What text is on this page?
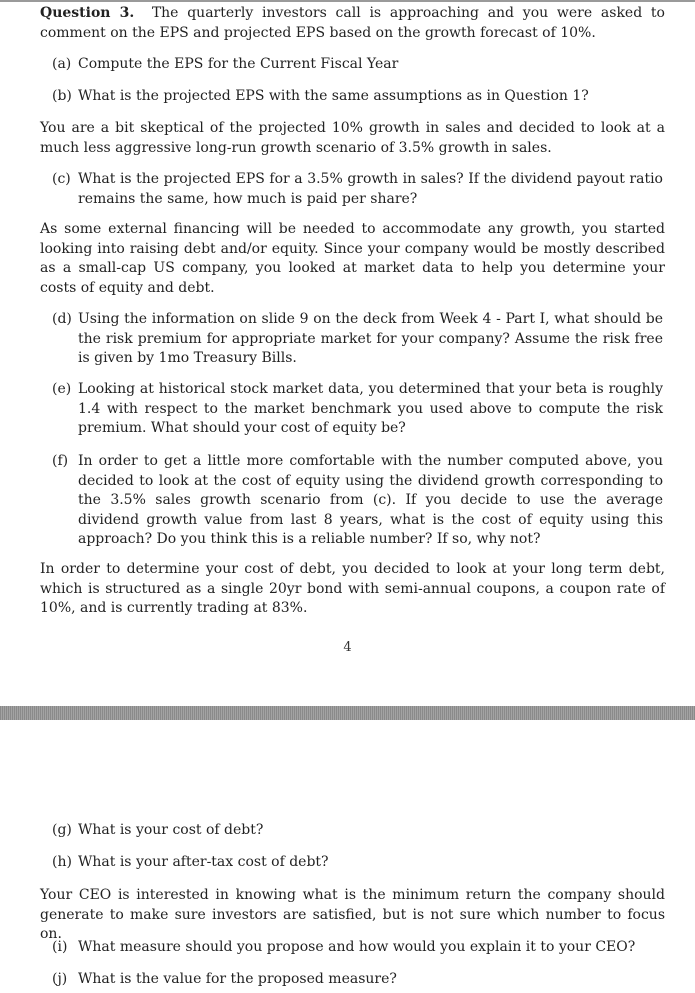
Question 3. The quarterly investors call is approaching and you were asked to comment on the EPS and projected EPS based on the growth forecast of 10%.

(a) Compute the EPS for the Current Fiscal Year

(b) What is the projected EPS with the same assumptions as in Question 1?

You are a bit skeptical of the projected 10% growth in sales and decided to look at a much less aggressive long-run growth scenario of 3.5% growth in sales.

(c) What is the projected EPS for a 3.5% growth in sales? If the dividend payout ratio remains the same, how much is paid per share?

As some external financing will be needed to accommodate any growth, you started looking into raising debt and/or equity. Since your company would be mostly described as a small-cap US company, you looked at market data to help you determine your costs of equity and debt.

(d) Using the information on slide 9 on the deck from Week 4 - Part I, what should be the risk premium for appropriate market for your company? Assume the risk free is given by 1mo Treasury Bills.

(e) Looking at historical stock market data, you determined that your beta is roughly 1.4 with respect to the market benchmark you used above to compute the risk premium. What should your cost of equity be?

(f) In order to get a little more comfortable with the number computed above, you decided to look at the cost of equity using the dividend growth corresponding to the 3.5% sales growth scenario from (c). If you decide to use the average dividend growth value from last 8 years, what is the cost of equity using this approach? Do you think this is a reliable number? If so, why not?

In order to determine your cost of debt, you decided to look at your long term debt, which is structured as a single 20yr bond with semi-annual coupons, a coupon rate of 10%, and is currently trading at 83%.

4

(g) What is your cost of debt?

(h) What is your after-tax cost of debt?

Your CEO is interested in knowing what is the minimum return the company should generate to make sure investors are satisfied, but is not sure which number to focus on.

(i) What measure should you propose and how would you explain it to your CEO?

(j) What is the value for the proposed measure?
